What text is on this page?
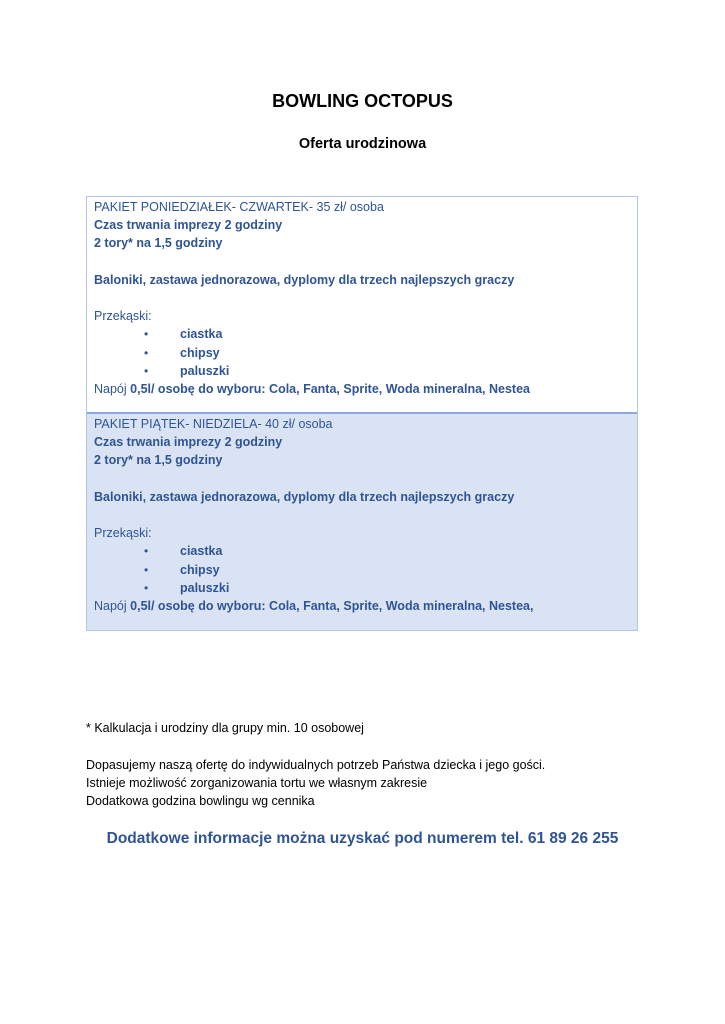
BOWLING OCTOPUS
Oferta urodzinowa
PAKIET PONIEDZIAŁEK- CZWARTEK- 35 zł/ osoba
Czas trwania imprezy 2 godziny
2 tory* na 1,5 godziny
Baloniki, zastawa jednorazowa, dyplomy dla trzech najlepszych graczy
Przekąski:
•	ciastka
•	chipsy
•	paluszki
Napój 0,5l/ osobę do wyboru: Cola, Fanta, Sprite, Woda mineralna, Nestea
PAKIET PIĄTEK- NIEDZIELA- 40 zł/ osoba
Czas trwania imprezy 2 godziny
2 tory* na 1,5 godziny
Baloniki, zastawa jednorazowa, dyplomy dla trzech najlepszych graczy
Przekąski:
•	ciastka
•	chipsy
•	paluszki
Napój 0,5l/ osobę do wyboru: Cola, Fanta, Sprite, Woda mineralna, Nestea,
* Kalkulacja i urodziny dla grupy min. 10 osobowej
Dopasujemy naszą ofertę do indywidualnych potrzeb Państwa dziecka i jego gości.
Istnieje możliwość zorganizowania tortu we własnym zakresie
Dodatkowa godzina bowlingu wg cennika
Dodatkowe informacje można uzyskać pod numerem tel. 61 89 26 255
